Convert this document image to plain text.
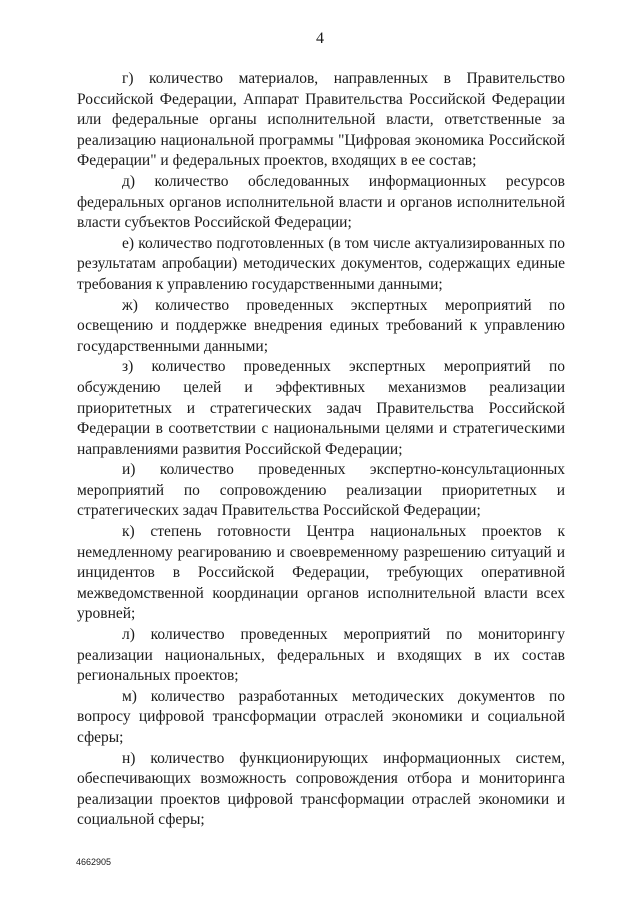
4

г) количество материалов, направленных в Правительство Российской Федерации, Аппарат Правительства Российской Федерации или федеральные органы исполнительной власти, ответственные за реализацию национальной программы "Цифровая экономика Российской Федерации" и федеральных проектов, входящих в ее состав;

д) количество обследованных информационных ресурсов федеральных органов исполнительной власти и органов исполнительной власти субъектов Российской Федерации;

е) количество подготовленных (в том числе актуализированных по результатам апробации) методических документов, содержащих единые требования к управлению государственными данными;

ж) количество проведенных экспертных мероприятий по освещению и поддержке внедрения единых требований к управлению государственными данными;

з) количество проведенных экспертных мероприятий по обсуждению целей и эффективных механизмов реализации приоритетных и стратегических задач Правительства Российской Федерации в соответствии с национальными целями и стратегическими направлениями развития Российской Федерации;

и) количество проведенных экспертно-консультационных мероприятий по сопровождению реализации приоритетных и стратегических задач Правительства Российской Федерации;

к) степень готовности Центра национальных проектов к немедленному реагированию и своевременному разрешению ситуаций и инцидентов в Российской Федерации, требующих оперативной межведомственной координации органов исполнительной власти всех уровней;

л) количество проведенных мероприятий по мониторингу реализации национальных, федеральных и входящих в их состав региональных проектов;

м) количество разработанных методических документов по вопросу цифровой трансформации отраслей экономики и социальной сферы;

н) количество функционирующих информационных систем, обеспечивающих возможность сопровождения отбора и мониторинга реализации проектов цифровой трансформации отраслей экономики и социальной сферы;

4662905
